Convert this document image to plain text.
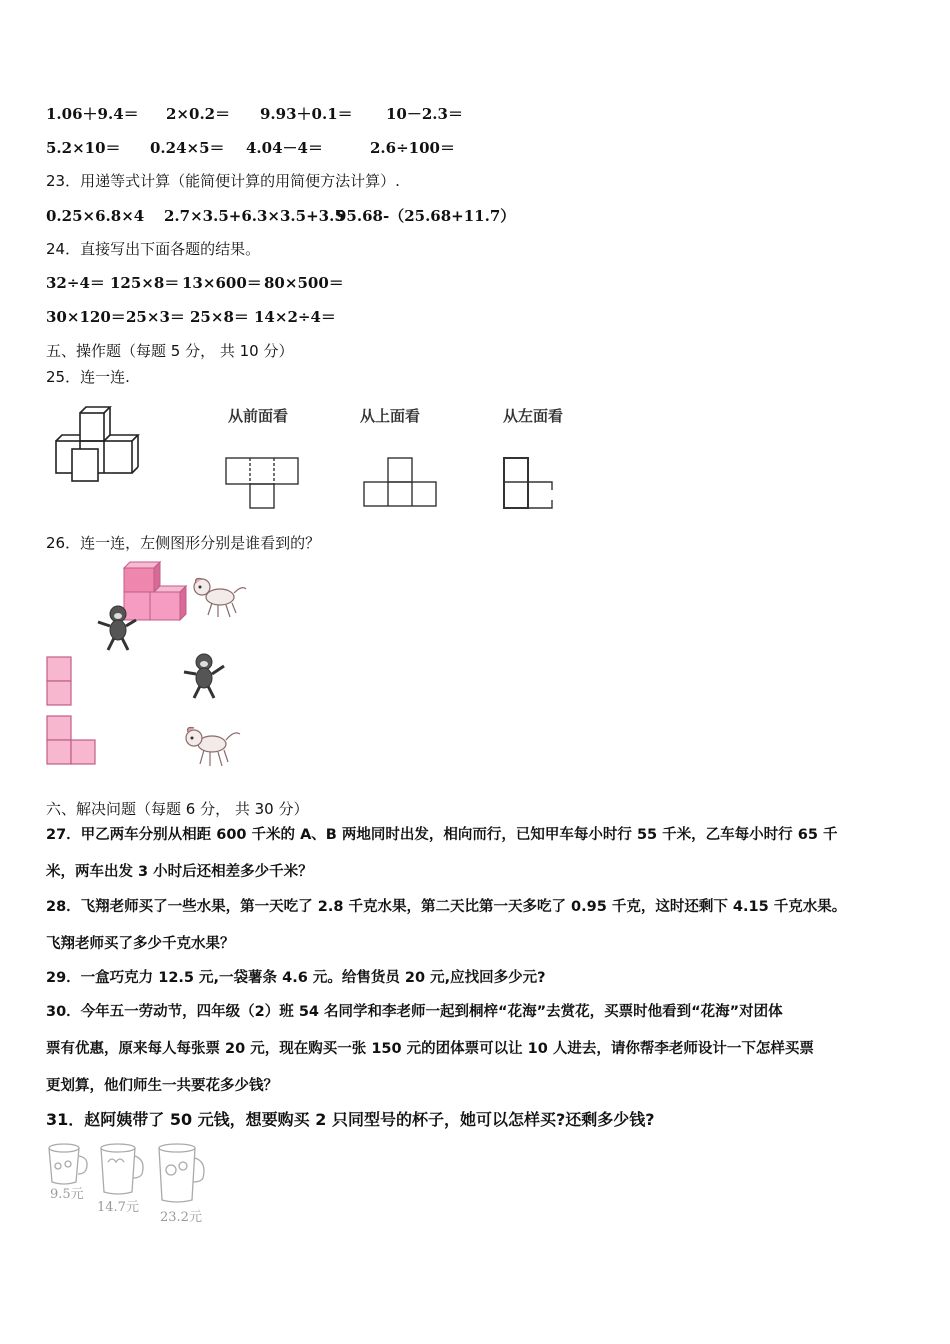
1.06＋9.4＝ 2×0.2＝ 9.93＋0.1＝ 10－2.3＝
5.2×10＝ 0.24×5＝ 4.04－4＝	2.6÷100＝
23．用递等式计算（能简便计算的用简便方法计算）.
0.25×6.8×4 2.7×3.5+6.3×3.5+3.595.68-（25.68+11.7）
24．直接写出下面各题的结果。
32÷4＝ 125×8＝ 13×600＝ 80×500＝
30×120＝25×3＝ 25×8＝ 14×2÷4＝
五、操作题（每题 5 分， 共 10 分）
25．连一连.
从前面看	从上面看	从左面看
26．连一连，左侧图形分别是谁看到的？
六、解决问题（每题 6 分， 共 30 分）
27．甲乙两车分别从相距 600 千米的 A、B 两地同时出发，相向而行，已知甲车每小时行 55 千米，乙车每小时行 65 千
米，两车出发 3 小时后还相差多少千米？
28．飞翔老师买了一些水果，第一天吃了 2.8 千克水果，第二天比第一天多吃了 0.95 千克，这时还剩下 4.15 千克水果。
飞翔老师买了多少千克水果？
29．一盒巧克力 12.5 元,一袋薯条 4.6 元。给售货员 20 元,应找回多少元?
30．今年五一劳动节，四年级（2）班 54 名同学和李老师一起到桐梓“花海”去赏花，买票时他看到“花海”对团体
票有优惠，原来每人每张票 20 元，现在购买一张 150 元的团体票可以让 10 人进去，请你帮李老师设计一下怎样买票
更划算，他们师生一共要花多少钱？
31．赵阿姨带了 50 元钱，想要购买 2 只同型号的杯子，她可以怎样买?还剩多少钱?
9.5元
14.7元
23.2元
